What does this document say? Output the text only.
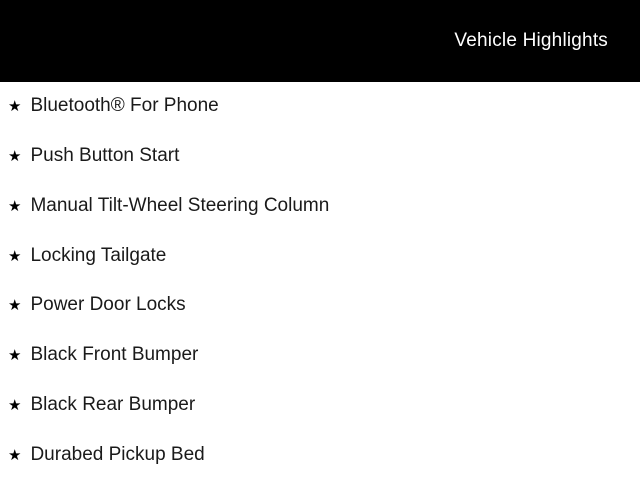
Vehicle Highlights
★ Bluetooth® For Phone
★ Push Button Start
★ Manual Tilt-Wheel Steering Column
★ Locking Tailgate
★ Power Door Locks
★ Black Front Bumper
★ Black Rear Bumper
★ Durabed Pickup Bed
